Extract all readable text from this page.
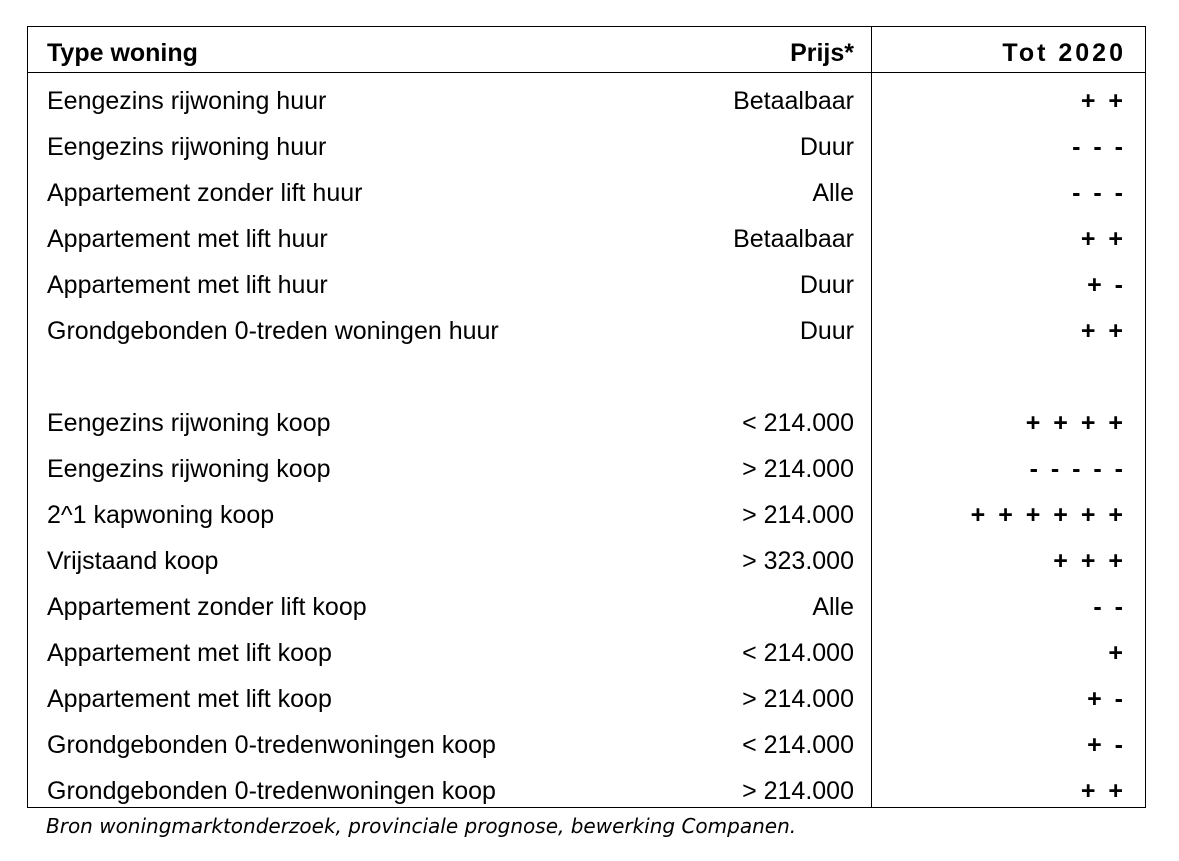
Type woning	Prijs*	Tot 2020
Eengezins rijwoning huur	Betaalbaar	+ +
Eengezins rijwoning huur	Duur	- - -
Appartement zonder lift huur	Alle	- - -
Appartement met lift huur	Betaalbaar	+ +
Appartement met lift huur	Duur	+ -
Grondgebonden 0-treden woningen huur	Duur	+ +
Eengezins rijwoning koop	< 214.000	+ + + +
Eengezins rijwoning koop	> 214.000	- - - - -
2^1 kapwoning koop	> 214.000	+ + + + + +
Vrijstaand koop	> 323.000	+ + +
Appartement zonder lift koop	Alle	- -
Appartement met lift koop	< 214.000	+
Appartement met lift koop	> 214.000	+ -
Grondgebonden 0-tredenwoningen koop	< 214.000	+ -
Grondgebonden 0-tredenwoningen koop	> 214.000	+ +
Bron woningmarktonderzoek, provinciale prognose, bewerking Companen.
